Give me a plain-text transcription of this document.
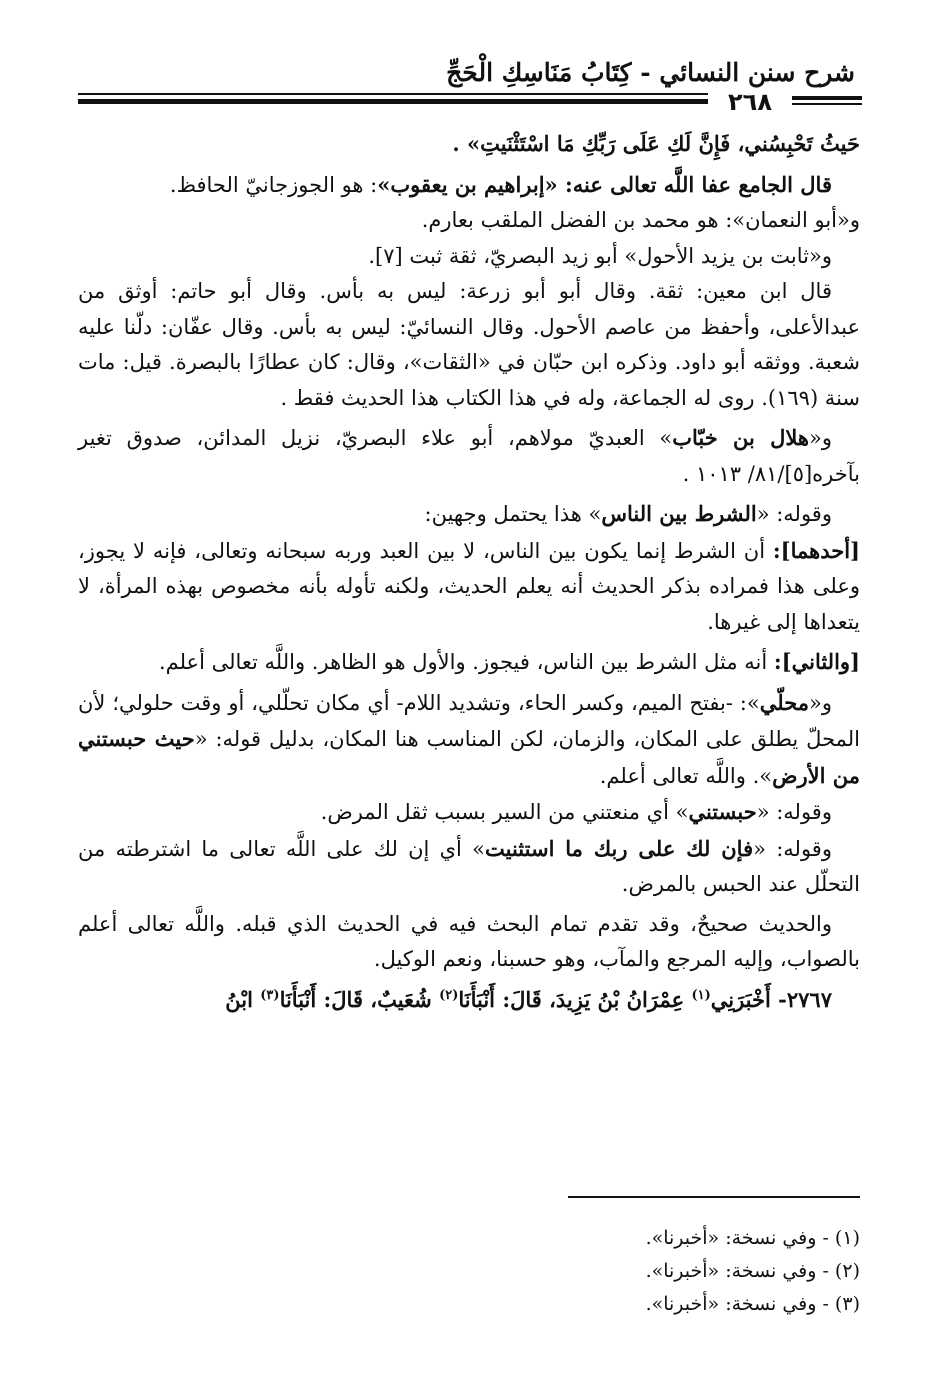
شرح سنن النسائي - كِتَابُ مَنَاسِكِ الْحَجِّ
٢٦٨

حَيثُ تَحْبِسُني، فَإِنَّ لَكِ عَلَى رَبِّكِ مَا اسْتَثْنَيتِ» .

قال الجامع عفا اللَّه تعالى عنه: «إبراهيم بن يعقوب»: هو الجوزجانيّ الحافظ.

و«أبو النعمان»: هو محمد بن الفضل الملقب بعارم.

و«ثابت بن يزيد الأحول» أبو زيد البصريّ، ثقة ثبت [٧].

قال ابن معين: ثقة. وقال أبو أبو زرعة: ليس به بأس. وقال أبو حاتم: أوثق من عبدالأعلى، وأحفظ من عاصم الأحول. وقال النسائيّ: ليس به بأس. وقال عفّان: دلّنا عليه شعبة. ووثقه أبو داود. وذكره ابن حبّان في «الثقات»، وقال: كان عطارًا بالبصرة. قيل: مات سنة (١٦٩). روى له الجماعة، وله في هذا الكتاب هذا الحديث فقط .

و«هلال بن خبّاب» العبديّ مولاهم، أبو علاء البصريّ، نزيل المدائن، صدوق تغير بآخره[٥]/٨١/ ١٠١٣ .

وقوله: «الشرط بين الناس» هذا يحتمل وجهين:

[أحدهما]: أن الشرط إنما يكون بين الناس، لا بين العبد وربه سبحانه وتعالى، فإنه لا يجوز، وعلى هذا فمراده بذكر الحديث أنه يعلم الحديث، ولكنه تأوله بأنه مخصوص بهذه المرأة، لا يتعداها إلى غيرها.

[والثاني]: أنه مثل الشرط بين الناس، فيجوز. والأول هو الظاهر. واللَّه تعالى أعلم.

و«محلّي»: -بفتح الميم، وكسر الحاء، وتشديد اللام- أي مكان تحلّلي، أو وقت حلولي؛ لأن المحلّ يطلق على المكان، والزمان، لكن المناسب هنا المكان، بدليل قوله: «حيث حبستني من الأرض». واللَّه تعالى أعلم.

وقوله: «حبستني» أي منعتني من السير بسبب ثقل المرض.

وقوله: «فإن لك على ربك ما استثنيت» أي إن لك على اللَّه تعالى ما اشترطته من التحلّل عند الحبس بالمرض.

والحديث صحيحٌ، وقد تقدم تمام البحث فيه في الحديث الذي قبله. واللَّه تعالى أعلم بالصواب، وإليه المرجع والمآب، وهو حسبنا، ونعم الوكيل.

٢٧٦٧- أَخْبَرَنِي$^{(١)}$ عِمْرَانُ بْنُ يَزِيدَ، قَالَ: أَنْبَأَنَا$^{(٢)}$ شُعَيبٌ، قَالَ: أَنْبَأَنَا$^{(٣)}$ ابْنُ

(١) - وفي نسخة: «أخبرنا».
(٢) - وفي نسخة: «أخبرنا».
(٣) - وفي نسخة: «أخبرنا».
